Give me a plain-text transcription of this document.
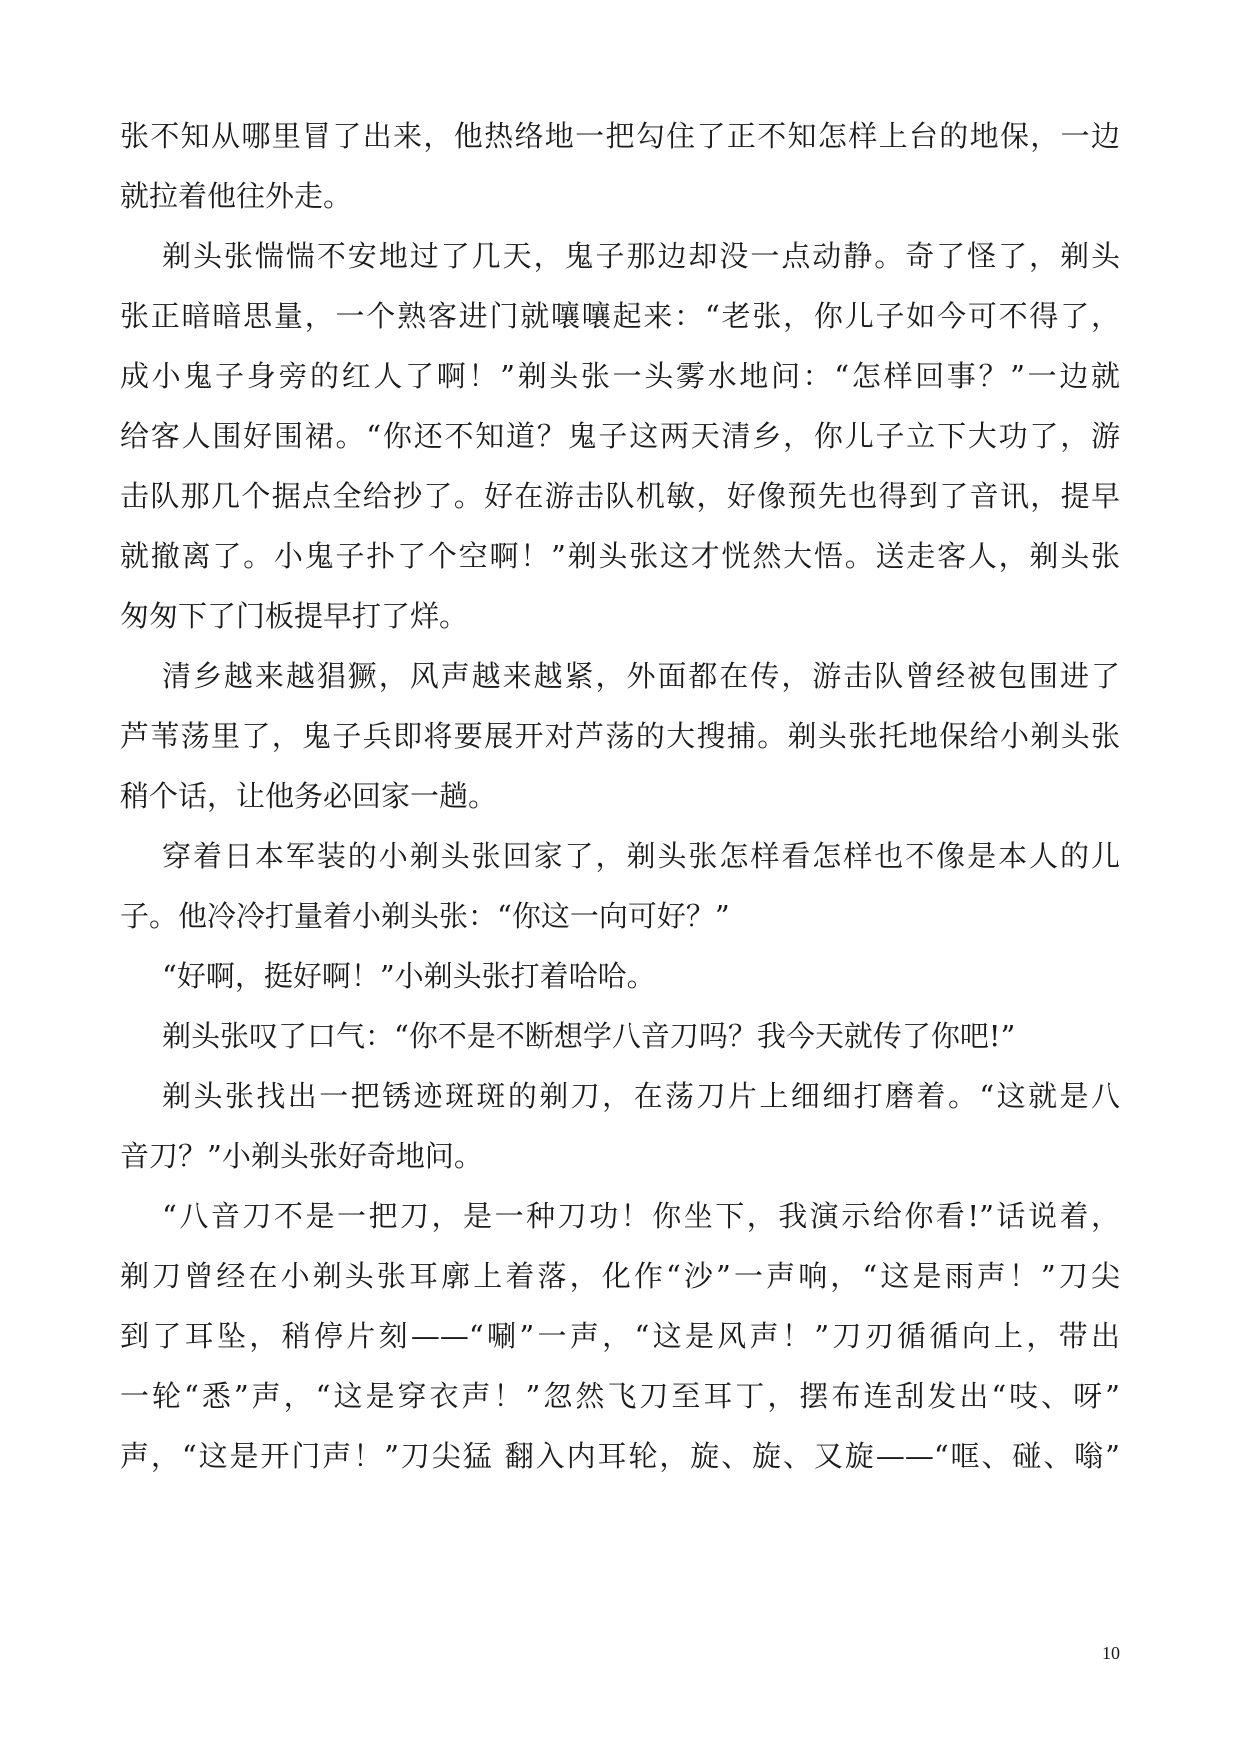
张不知从哪里冒了出来，他热络地一把勾住了正不知怎样上台的地保，一边
就拉着他往外走。
剃头张惴惴不安地过了几天，鬼子那边却没一点动静。奇了怪了，剃头
张正暗暗思量，一个熟客进门就嚷嚷起来：“老张，你儿子如今可不得了，
成小鬼子身旁的红人了啊！”剃头张一头雾水地问：“怎样回事？”一边就
给客人围好围裙。“你还不知道？鬼子这两天清乡，你儿子立下大功了，游
击队那几个据点全给抄了。好在游击队机敏，好像预先也得到了音讯，提早
就撤离了。小鬼子扑了个空啊！”剃头张这才恍然大悟。送走客人，剃头张
匆匆下了门板提早打了烊。
清乡越来越猖獗，风声越来越紧，外面都在传，游击队曾经被包围进了
芦苇荡里了，鬼子兵即将要展开对芦荡的大搜捕。剃头张托地保给小剃头张
稍个话，让他务必回家一趟。
穿着日本军装的小剃头张回家了，剃头张怎样看怎样也不像是本人的儿
子。他冷冷打量着小剃头张：“你这一向可好？”
“好啊，挺好啊！”小剃头张打着哈哈。
剃头张叹了口气：“你不是不断想学八音刀吗？我今天就传了你吧!”
剃头张找出一把锈迹斑斑的剃刀，在荡刀片上细细打磨着。“这就是八
音刀？”小剃头张好奇地问。
“八音刀不是一把刀，是一种刀功！你坐下，我演示给你看!”话说着，
剃刀曾经在小剃头张耳廓上着落，化作“沙”一声响，“这是雨声！”刀尖
到了耳坠，稍停片刻——“唰”一声，“这是风声！”刀刃循循向上，带出
一轮“悉”声，“这是穿衣声！”忽然飞刀至耳丁，摆布连刮发出“吱、呀”
声，“这是开门声！”刀尖猛 翻入内耳轮，旋、旋、又旋——“哐、碰、嗡”
10
